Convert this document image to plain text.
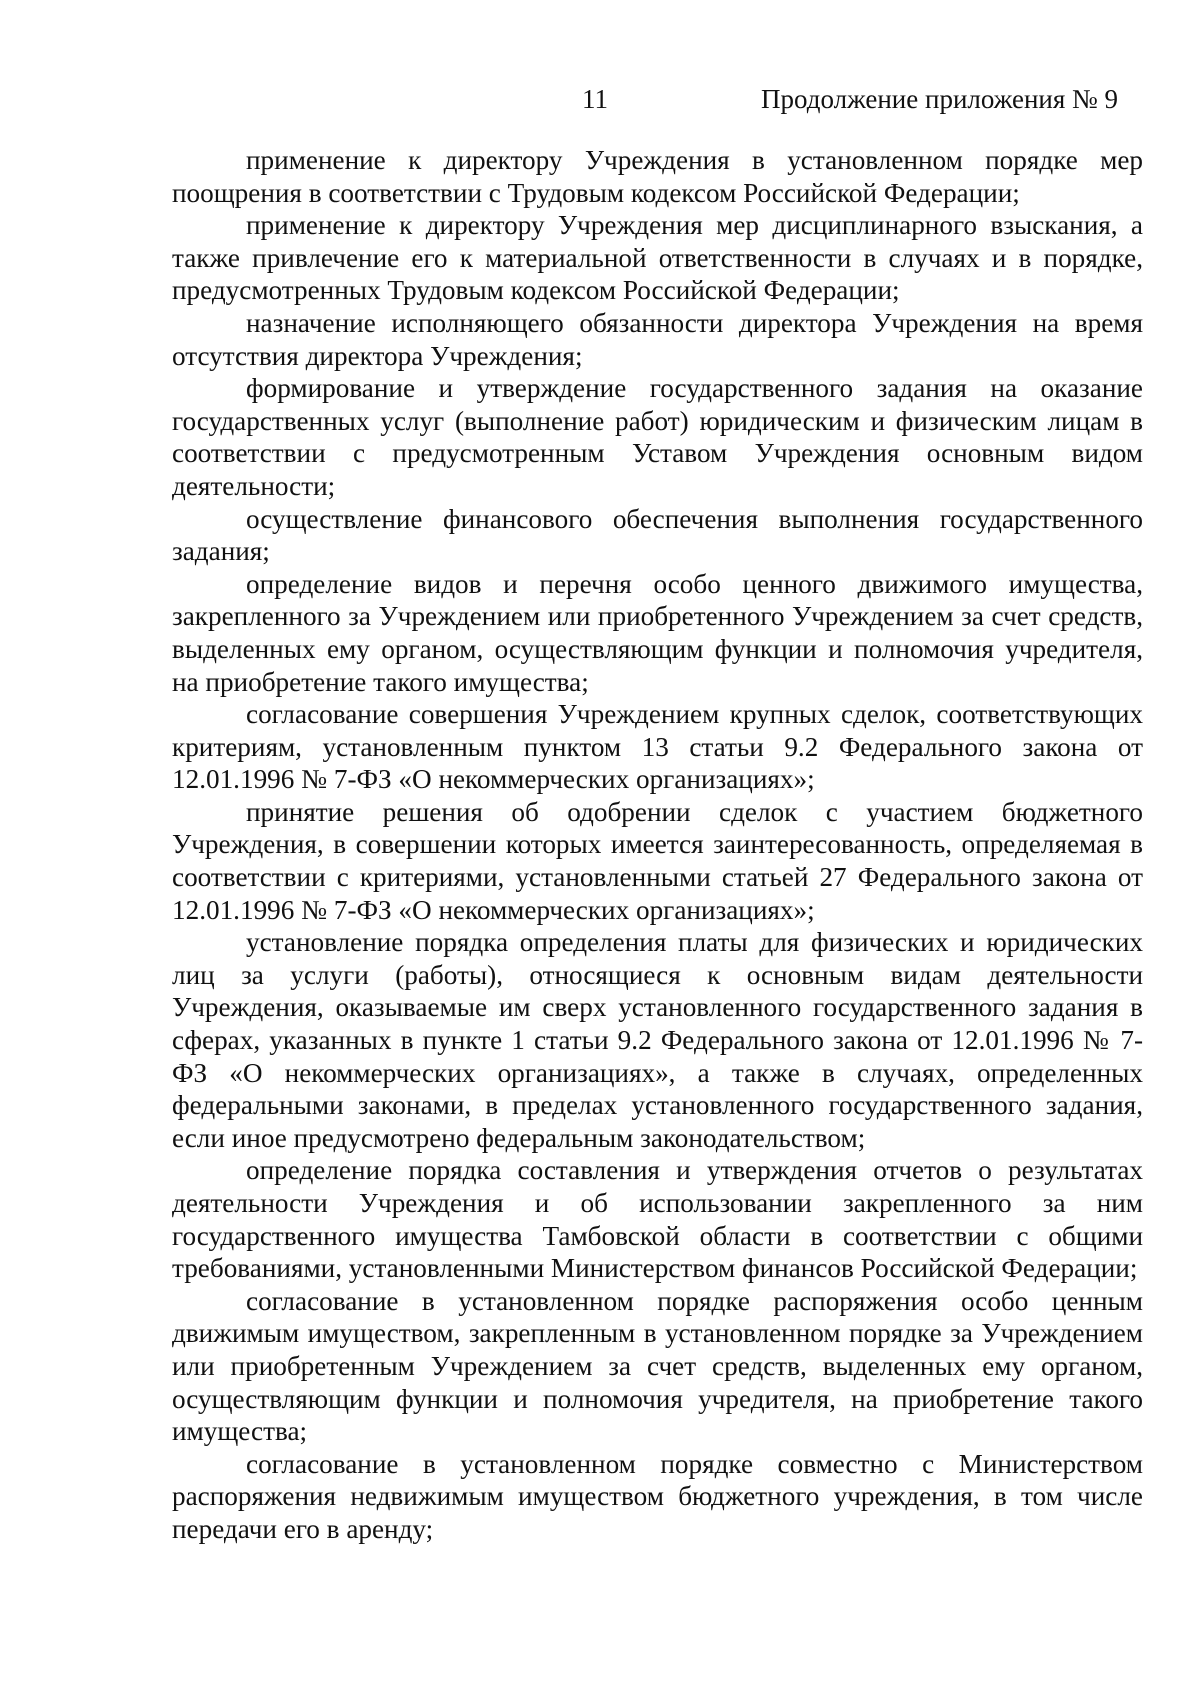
11	Продолжение приложения № 9

применение к директору Учреждения в установленном порядке мер поощрения в соответствии с Трудовым кодексом Российской Федерации;

применение к директору Учреждения мер дисциплинарного взыскания, а также привлечение его к материальной ответственности в случаях и в порядке, предусмотренных Трудовым кодексом Российской Федерации;

назначение исполняющего обязанности директора Учреждения на время отсутствия директора Учреждения;

формирование и утверждение государственного задания на оказание государственных услуг (выполнение работ) юридическим и физическим лицам в соответствии с предусмотренным Уставом Учреждения основным видом деятельности;

осуществление финансового обеспечения выполнения государственного задания;

определение видов и перечня особо ценного движимого имущества, закрепленного за Учреждением или приобретенного Учреждением за счет средств, выделенных ему органом, осуществляющим функции и полномочия учредителя, на приобретение такого имущества;

согласование совершения Учреждением крупных сделок, соответствующих критериям, установленным пунктом 13 статьи 9.2 Федерального закона от 12.01.1996 № 7-ФЗ «О некоммерческих организациях»;

принятие решения об одобрении сделок с участием бюджетного Учреждения, в совершении которых имеется заинтересованность, определяемая в соответствии с критериями, установленными статьей 27 Федерального закона от 12.01.1996 № 7-ФЗ «О некоммерческих организациях»;

установление порядка определения платы для физических и юридических лиц за услуги (работы), относящиеся к основным видам деятельности Учреждения, оказываемые им сверх установленного государственного задания в сферах, указанных в пункте 1 статьи 9.2 Федерального закона от 12.01.1996 № 7-ФЗ «О некоммерческих организациях», а также в случаях, определенных федеральными законами, в пределах установленного государственного задания, если иное предусмотрено федеральным законодательством;

определение порядка составления и утверждения отчетов о результатах деятельности Учреждения и об использовании закрепленного за ним государственного имущества Тамбовской области в соответствии с общими требованиями, установленными Министерством финансов Российской Федерации;

согласование в установленном порядке распоряжения особо ценным движимым имуществом, закрепленным в установленном порядке за Учреждением или приобретенным Учреждением за счет средств, выделенных ему органом, осуществляющим функции и полномочия учредителя, на приобретение такого имущества;

согласование в установленном порядке совместно с Министерством распоряжения недвижимым имуществом бюджетного учреждения, в том числе передачи его в аренду;
